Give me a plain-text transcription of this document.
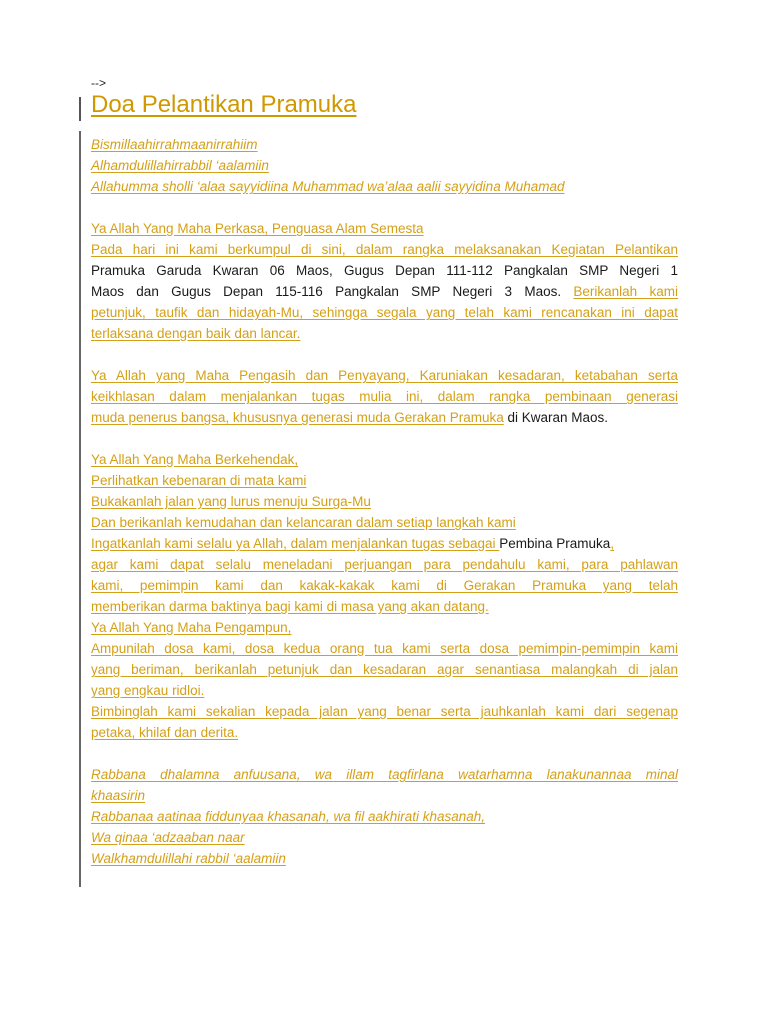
-->
Doa Pelantikan Pramuka
Bismillaahirrahmaanirrahiim
Alhamdulillahirrabbil ‘aalamiin
Allahumma sholli ‘alaa sayyidiina Muhammad wa’alaa aalii sayyidina Muhamad
Ya Allah Yang Maha Perkasa, Penguasa Alam Semesta
Pada hari ini kami berkumpul di sini, dalam rangka melaksanakan Kegiatan Pelantikan
Pramuka Garuda Kwaran 06 Maos, Gugus Depan 111-112 Pangkalan SMP Negeri 1
Maos dan Gugus Depan 115-116 Pangkalan SMP Negeri 3 Maos. Berikanlah kami
petunjuk, taufik dan hidayah-Mu, sehingga segala yang telah kami rencanakan ini dapat
terlaksana dengan baik dan lancar.
Ya Allah yang Maha Pengasih dan Penyayang, Karuniakan kesadaran, ketabahan serta
keikhlasan dalam menjalankan tugas mulia ini, dalam rangka pembinaan generasi
muda penerus bangsa, khususnya generasi muda Gerakan Pramuka di Kwaran Maos.
Ya Allah Yang Maha Berkehendak,
Perlihatkan kebenaran di mata kami
Bukakanlah jalan yang lurus menuju Surga-Mu
Dan berikanlah kemudahan dan kelancaran dalam setiap langkah kami
Ingatkanlah kami selalu ya Allah, dalam menjalankan tugas sebagai Pembina Pramuka,
agar kami dapat selalu meneladani perjuangan para pendahulu kami, para pahlawan
kami, pemimpin kami dan kakak-kakak kami di Gerakan Pramuka yang telah
memberikan darma baktinya bagi kami di masa yang akan datang.
Ya Allah Yang Maha Pengampun,
Ampunilah dosa kami, dosa kedua orang tua kami serta dosa pemimpin-pemimpin kami
yang beriman, berikanlah petunjuk dan kesadaran agar senantiasa malangkah di jalan
yang engkau ridloi.
Bimbinglah kami sekalian kepada jalan yang benar serta jauhkanlah kami dari segenap
petaka, khilaf dan derita.
Rabbana dhalamna anfuusana, wa illam tagfirlana watarhamna lanakunannaa minal
khaasirin
Rabbanaa aatinaa fiddunyaa khasanah, wa fil aakhirati khasanah,
Wa qinaa ‘adzaaban naar
Walkhamdulillahi rabbil ‘aalamiin
